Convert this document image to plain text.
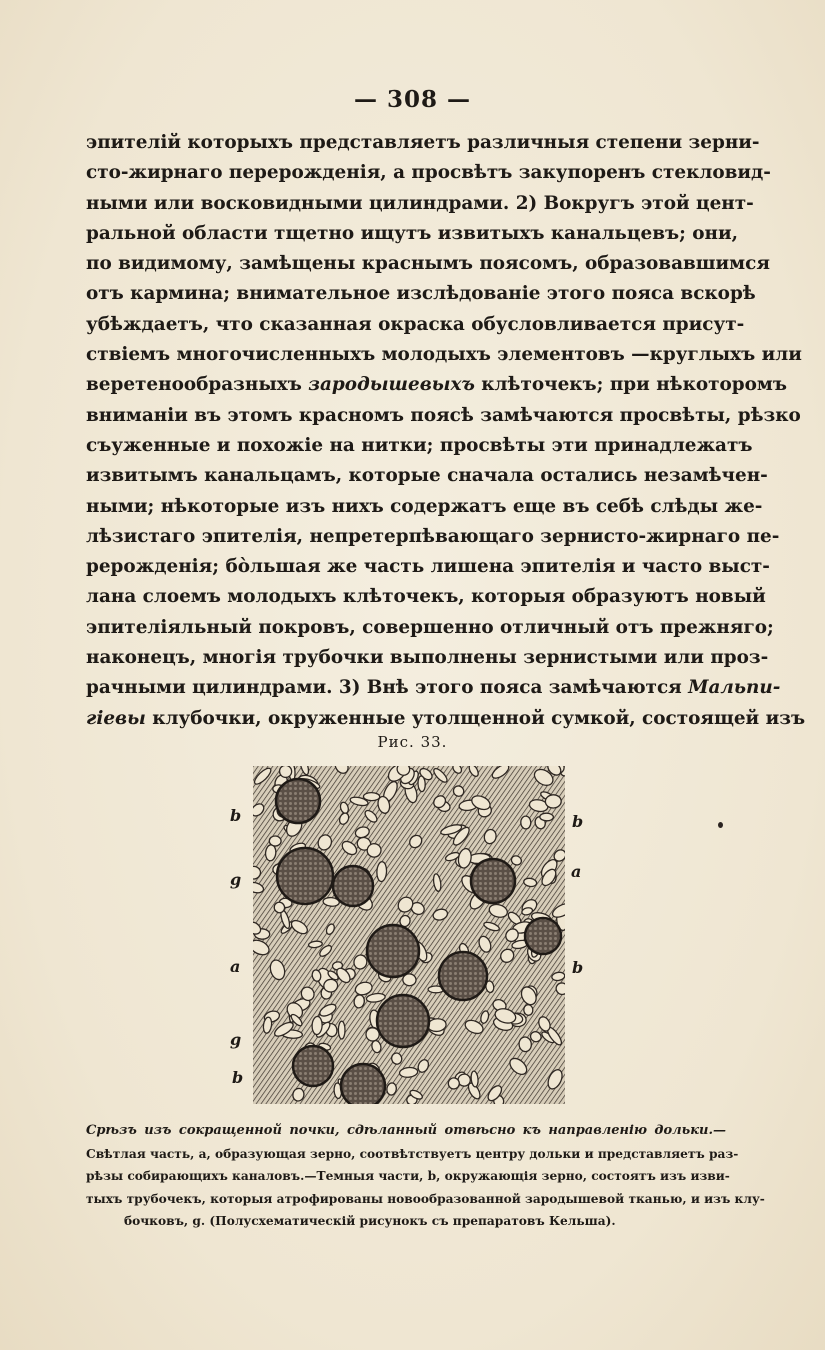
— 308 —
эпителій которыхъ представляетъ различныя степени зерни-
сто-жирнаго перерожденія, а просвѣтъ закупоренъ стекловид-
ными или восковидными цилиндрами. 2) Вокругъ этой цент-
ральной области тщетно ищутъ извитыхъ канальцевъ; они,
по видимому, замѣщены краснымъ поясомъ, образовавшимся
отъ кармина; внимательное изслѣдованіе этого пояса вскорѣ
убѣждаетъ, что сказанная окраска обусловливается присут-
ствіемъ многочисленныхъ молодыхъ элементовъ —круглыхъ или
веретенообразныхъ зародышевыхъ клѣточекъ; при нѣкоторомъ
вниманіи въ этомъ красномъ поясѣ замѣчаются просвѣты, рѣзко
съуженные и похожіе на нитки; просвѣты эти принадлежатъ
извитымъ канальцамъ, которые сначала остались незамѣчен-
ными; нѣкоторые изъ нихъ содержатъ еще въ себѣ слѣды же-
лѣзистаго эпителія, непретерпѣвающаго зернисто-жирнаго пе-
рерожденія; бо̀льшая же часть лишена эпителія и часто выст-
лана слоемъ молодыхъ клѣточекъ, которыя образуютъ новый
эпителіяльный покровъ, совершенно отличный отъ прежняго;
наконецъ, многія трубочки выполнены зернистыми или проз-
рачными цилиндрами. 3) Внѣ этого пояса замѣчаются Мальпи-
гіевы клубочки, окруженные утолщенной сумкой, состоящей изъ
Рис. 33.
b
g
a
g
b
b
a
b
Срѣзъ изъ сокращенной почки, сдѣланный отвѣсно къ направленію дольки.—
Свѣтлая часть, a, образующая зерно, соотвѣтствуетъ центру дольки и представляетъ раз-
рѣзы собирающихъ каналовъ.—Темныя части, b, окружающія зерно, состоятъ изъ изви-
тыхъ трубочекъ, которыя атрофированы новообразованной зародышевой тканью, и изъ клу-
бочковъ, g. (Полусхематическій рисунокъ съ препаратовъ Кельша).
